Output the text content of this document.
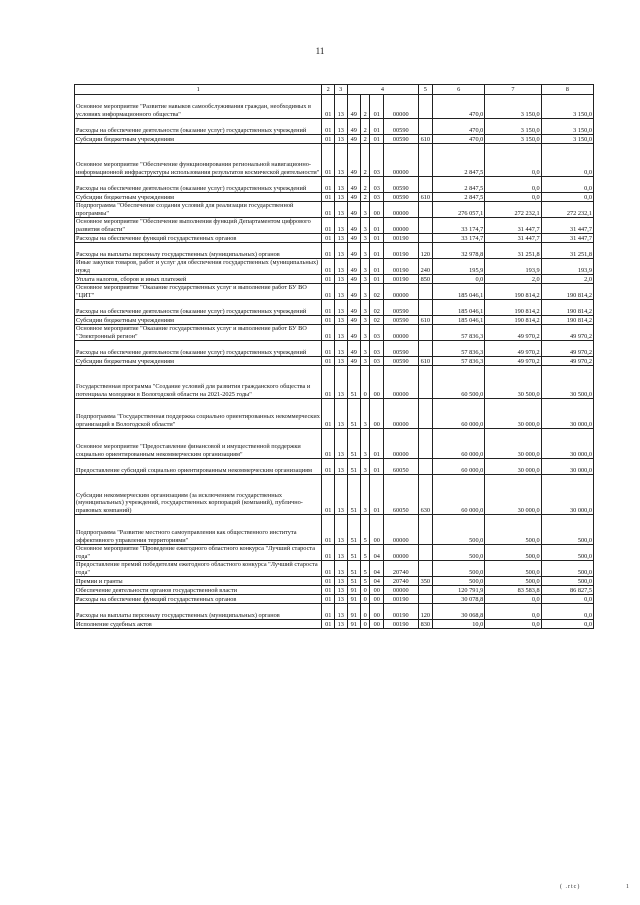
11
1	2	3	4				5	6	7	8
Основное мероприятие "Развитие навыков самообслуживания граждан, необходимых в условиях информационного общества"	01	13	49	2	01	00000		470,0	3 150,0	3 150,0
Расходы на обеспечение деятельности (оказание услуг) государственных учреждений	01	13	49	2	01	00590		470,0	3 150,0	3 150,0
Субсидии бюджетным учреждениям	01	13	49	2	01	00590	610	470,0	3 150,0	3 150,0
Основное мероприятие "Обеспечение функционирования региональной навигационно-информационной инфраструктуры использования результатов космической деятельности"	01	13	49	2	03	00000		2 847,5	0,0	0,0
Расходы на обеспечение деятельности (оказание услуг) государственных учреждений	01	13	49	2	03	00590		2 847,5	0,0	0,0
Субсидии бюджетным учреждениям	01	13	49	2	03	00590	610	2 847,5	0,0	0,0
Подпрограмма "Обеспечение создания условий для реализации государственной программы"	01	13	49	3	00	00000		276 057,1	272 232,1	272 232,1
Основное мероприятие "Обеспечение выполнения функций Департаментом цифрового развития области"	01	13	49	3	01	00000		33 174,7	31 447,7	31 447,7
Расходы на обеспечение функций государственных органов	01	13	49	3	01	00190		33 174,7	31 447,7	31 447,7
Расходы на выплаты персоналу государственных (муниципальных) органов	01	13	49	3	01	00190	120	32 978,8	31 251,8	31 251,8
Иные закупки товаров, работ и услуг для обеспечения государственных (муниципальных) нужд	01	13	49	3	01	00190	240	195,9	193,9	193,9
Уплата налогов, сборов и иных платежей	01	13	49	3	01	00190	850	0,0	2,0	2,0
Основное мероприятие "Оказание государственных услуг и выполнение работ БУ ВО "ЦИТ"	01	13	49	3	02	00000		185 046,1	190 814,2	190 814,2
Расходы на обеспечение деятельности (оказание услуг) государственных учреждений	01	13	49	3	02	00590		185 046,1	190 814,2	190 814,2
Субсидии бюджетным учреждениям	01	13	49	3	02	00590	610	185 046,1	190 814,2	190 814,2
Основное мероприятие "Оказание государственных услуг и выполнение работ БУ ВО "Электронный регион"	01	13	49	3	03	00000		57 836,3	49 970,2	49 970,2
Расходы на обеспечение деятельности (оказание услуг) государственных учреждений	01	13	49	3	03	00590		57 836,3	49 970,2	49 970,2
Субсидии бюджетным учреждениям	01	13	49	3	03	00590	610	57 836,3	49 970,2	49 970,2
Государственная программа "Создание условий для развития гражданского общества и потенциала молодежи в Вологодской области на 2021-2025 годы"	01	13	51	0	00	00000		60 500,0	30 500,0	30 500,0
Подпрограмма "Государственная поддержка социально ориентированных некоммерческих организаций в Вологодской области"	01	13	51	3	00	00000		60 000,0	30 000,0	30 000,0
Основное мероприятие "Предоставление финансовой и имущественной поддержки социально ориентированным некоммерческим организациям"	01	13	51	3	01	00000		60 000,0	30 000,0	30 000,0
Предоставление субсидий социально ориентированным некоммерческим организациям	01	13	51	3	01	60050		60 000,0	30 000,0	30 000,0
Субсидии некоммерческим организациям (за исключением государственных (муниципальных) учреждений, государственных корпораций (компаний), публично-правовых компаний)	01	13	51	3	01	60050	630	60 000,0	30 000,0	30 000,0
Подпрограмма "Развитие местного самоуправления как общественного института эффективного управления территориями"	01	13	51	5	00	00000		500,0	500,0	500,0
Основное мероприятие "Проведение ежегодного областного конкурса "Лучший староста года"	01	13	51	5	04	00000		500,0	500,0	500,0
Предоставление премий победителям ежегодного областного конкурса "Лучший староста года"	01	13	51	5	04	20740		500,0	500,0	500,0
Премии и гранты	01	13	51	5	04	20740	350	500,0	500,0	500,0
Обеспечение деятельности органов государственной власти	01	13	91	0	00	00000		120 791,9	83 583,8	86 827,5
Расходы на обеспечение функций государственных органов	01	13	91	0	00	00190		30 078,8	0,0	0,0
Расходы на выплаты персоналу государственных (муниципальных) органов	01	13	91	0	00	00190	120	30 068,8	0,0	0,0
Исполнение судебных актов	01	13	91	0	00	00190	830	10,0	0,0	0,0
( .rtc)	1
